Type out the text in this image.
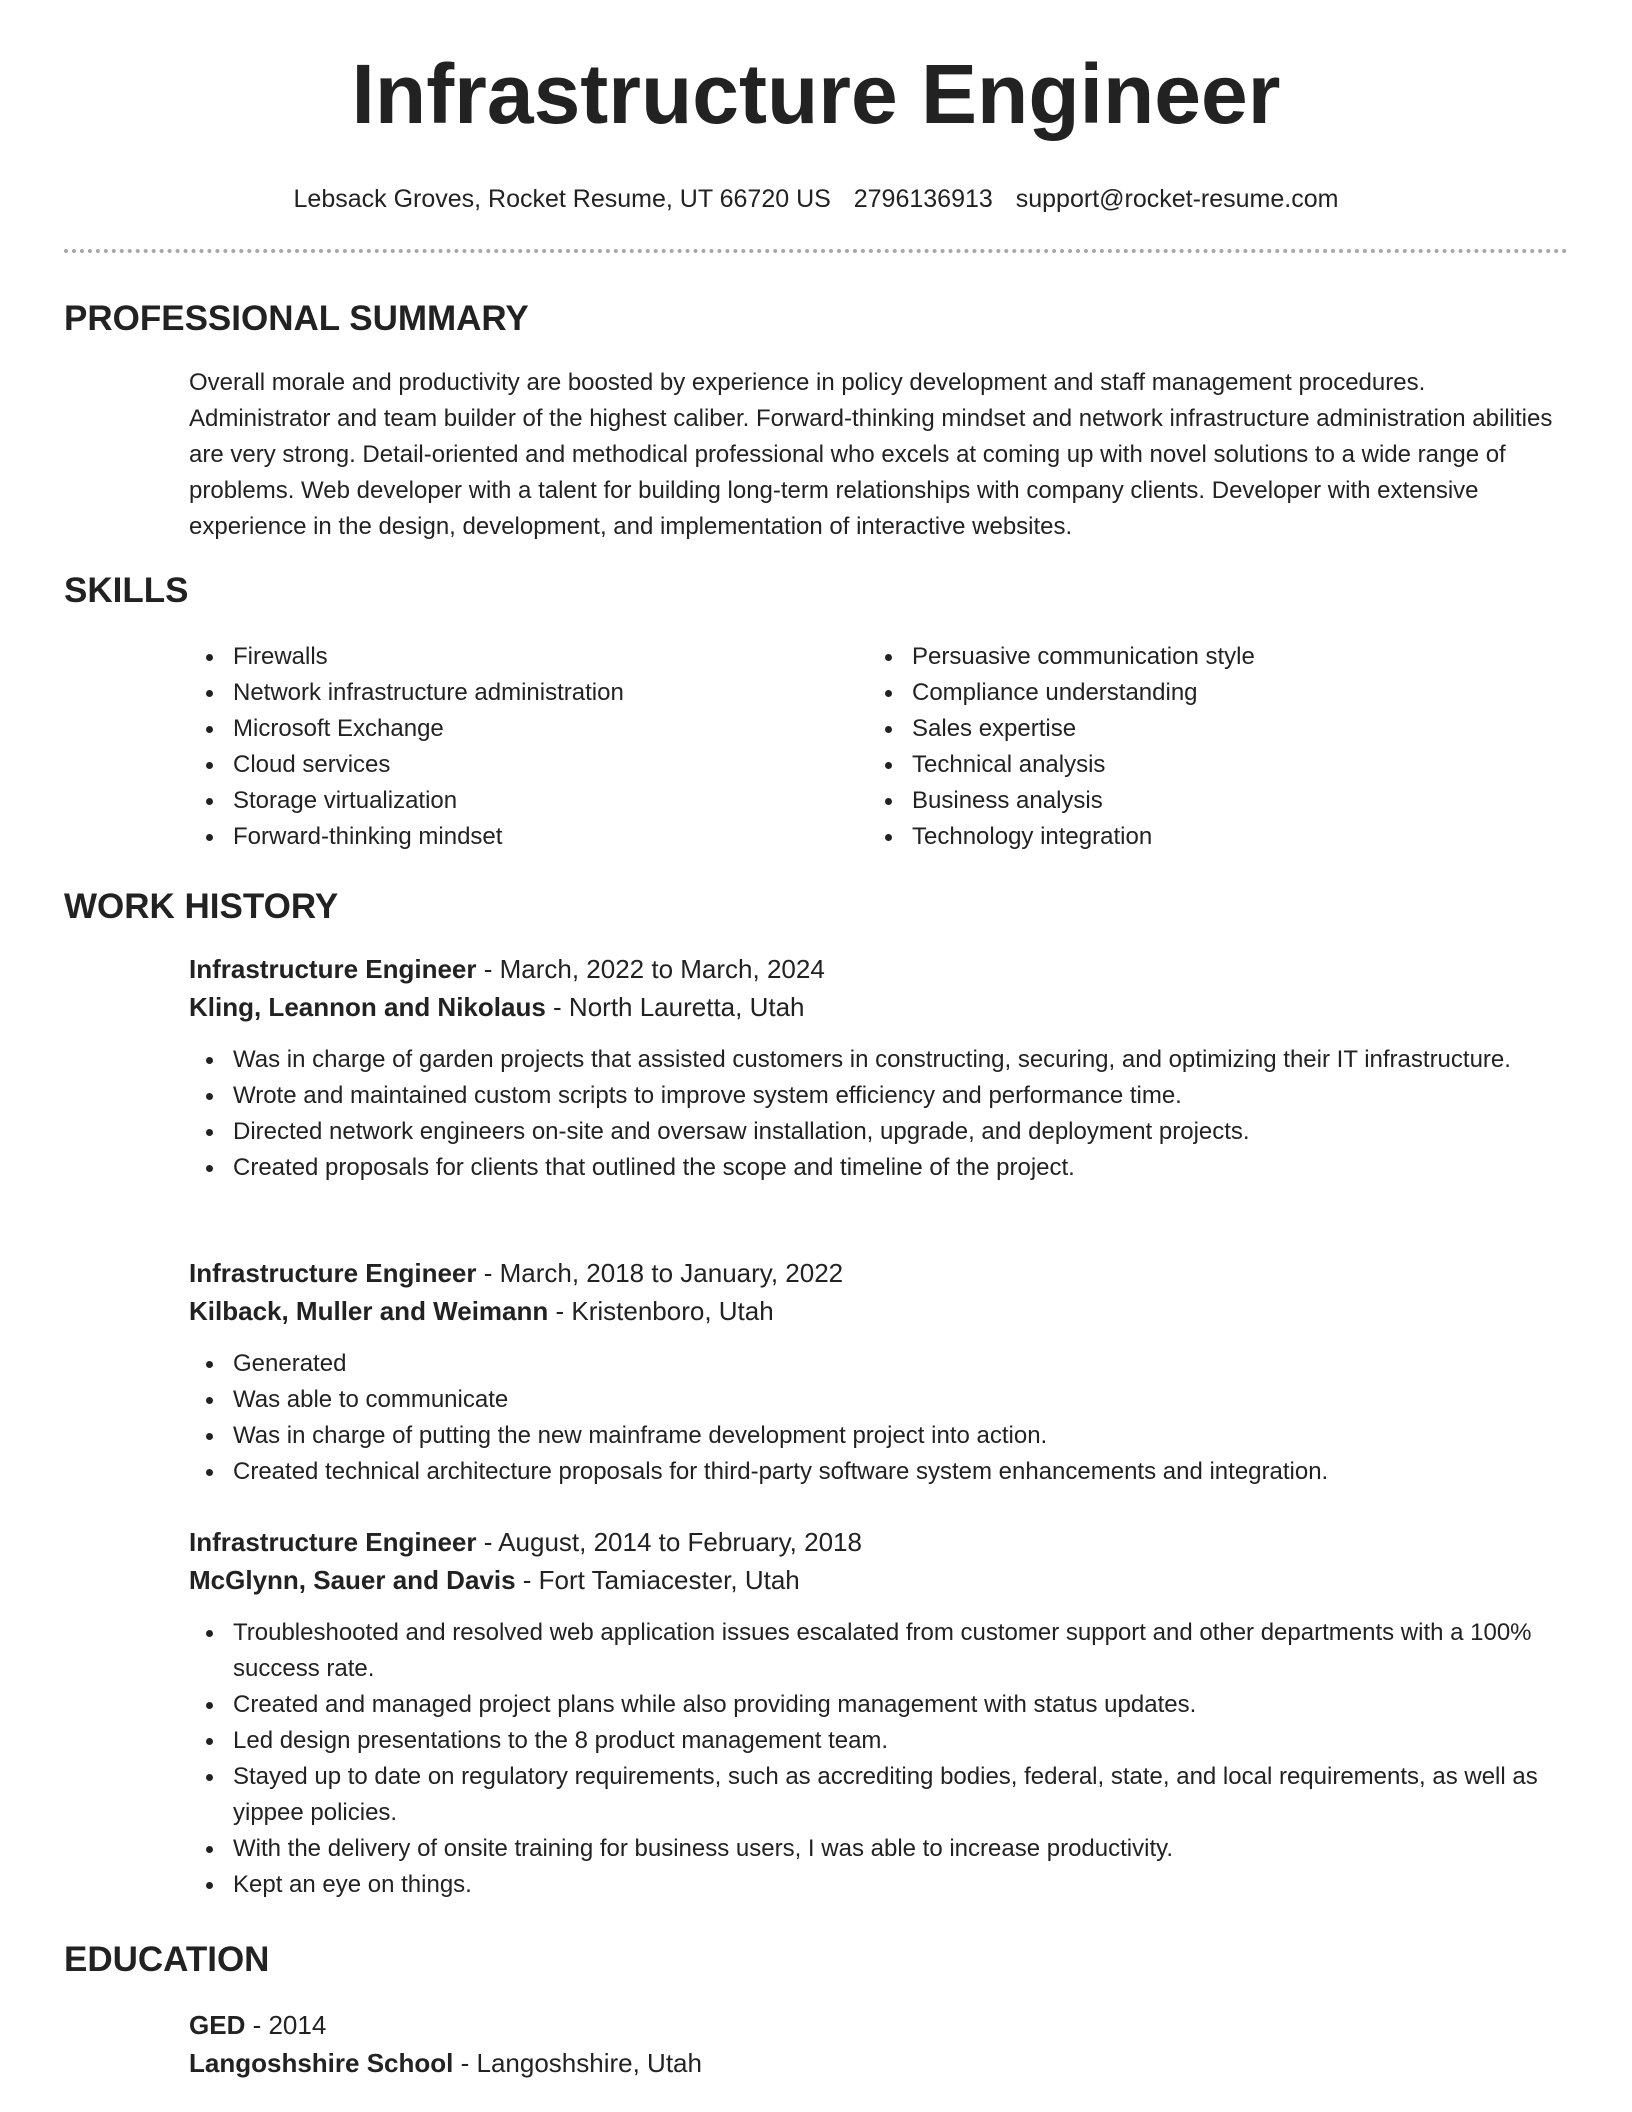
Infrastructure Engineer
Lebsack Groves, Rocket Resume, UT 66720 US 2796136913 support@rocket-resume.com
PROFESSIONAL SUMMARY

Overall morale and productivity are boosted by experience in policy development and staff management procedures. Administrator and team builder of the highest caliber. Forward-thinking mindset and network infrastructure administration abilities are very strong. Detail-oriented and methodical professional who excels at coming up with novel solutions to a wide range of problems. Web developer with a talent for building long-term relationships with company clients. Developer with extensive experience in the design, development, and implementation of interactive websites.

SKILLS
Firewalls
Network infrastructure administration
Microsoft Exchange
Cloud services
Storage virtualization
Forward-thinking mindset
Persuasive communication style
Compliance understanding
Sales expertise
Technical analysis
Business analysis
Technology integration
WORK HISTORY
Infrastructure Engineer - March, 2022 to March, 2024
Kling, Leannon and Nikolaus - North Lauretta, Utah
Was in charge of garden projects that assisted customers in constructing, securing, and optimizing their IT infrastructure.
Wrote and maintained custom scripts to improve system efficiency and performance time.
Directed network engineers on-site and oversaw installation, upgrade, and deployment projects.
Created proposals for clients that outlined the scope and timeline of the project.
Infrastructure Engineer - March, 2018 to January, 2022
Kilback, Muller and Weimann - Kristenboro, Utah
Generated
Was able to communicate
Was in charge of putting the new mainframe development project into action.
Created technical architecture proposals for third-party software system enhancements and integration.
Infrastructure Engineer - August, 2014 to February, 2018
McGlynn, Sauer and Davis - Fort Tamiacester, Utah
Troubleshooted and resolved web application issues escalated from customer support and other departments with a 100% success rate.
Created and managed project plans while also providing management with status updates.
Led design presentations to the 8 product management team.
Stayed up to date on regulatory requirements, such as accrediting bodies, federal, state, and local requirements, as well as yippee policies.
With the delivery of onsite training for business users, I was able to increase productivity.
Kept an eye on things.
EDUCATION
GED - 2014
Langoshshire School - Langoshshire, Utah
